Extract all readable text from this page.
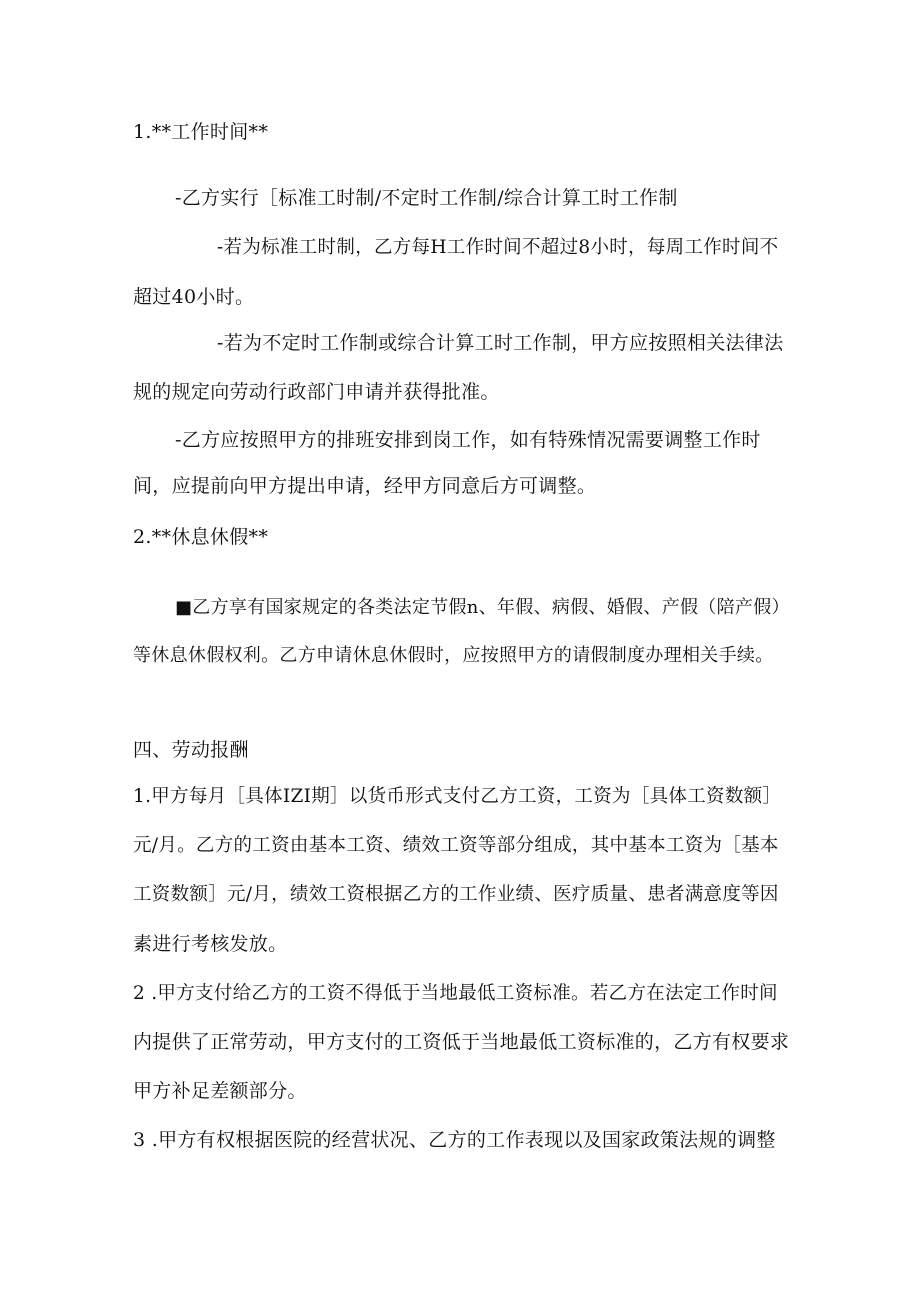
1.**工作时间**
-乙方实行［标准工时制/不定时工作制/综合计算工时工作制
-若为标准工时制，乙方每H工作时间不超过8小时，每周工作时间不
超过40小时。
-若为不定时工作制或综合计算工时工作制，甲方应按照相关法律法
规的规定向劳动行政部门申请并获得批准。
-乙方应按照甲方的排班安排到岗工作，如有特殊情况需要调整工作时
间，应提前向甲方提出申请，经甲方同意后方可调整。
2.**休息休假**
■乙方享有国家规定的各类法定节假n、年假、病假、婚假、产假（陪产假）
等休息休假权利。乙方申请休息休假时，应按照甲方的请假制度办理相关手续。
四、劳动报酬
1.甲方每月［具体IZI期］以货币形式支付乙方工资，工资为［具体工资数额］
元/月。乙方的工资由基本工资、绩效工资等部分组成，其中基本工资为［基本
工资数额］元/月，绩效工资根据乙方的工作业绩、医疗质量、患者满意度等因
素进行考核发放。
2 .甲方支付给乙方的工资不得低于当地最低工资标准。若乙方在法定工作时间
内提供了正常劳动，甲方支付的工资低于当地最低工资标准的，乙方有权要求
甲方补足差额部分。
3 .甲方有权根据医院的经营状况、乙方的工作表现以及国家政策法规的调整
